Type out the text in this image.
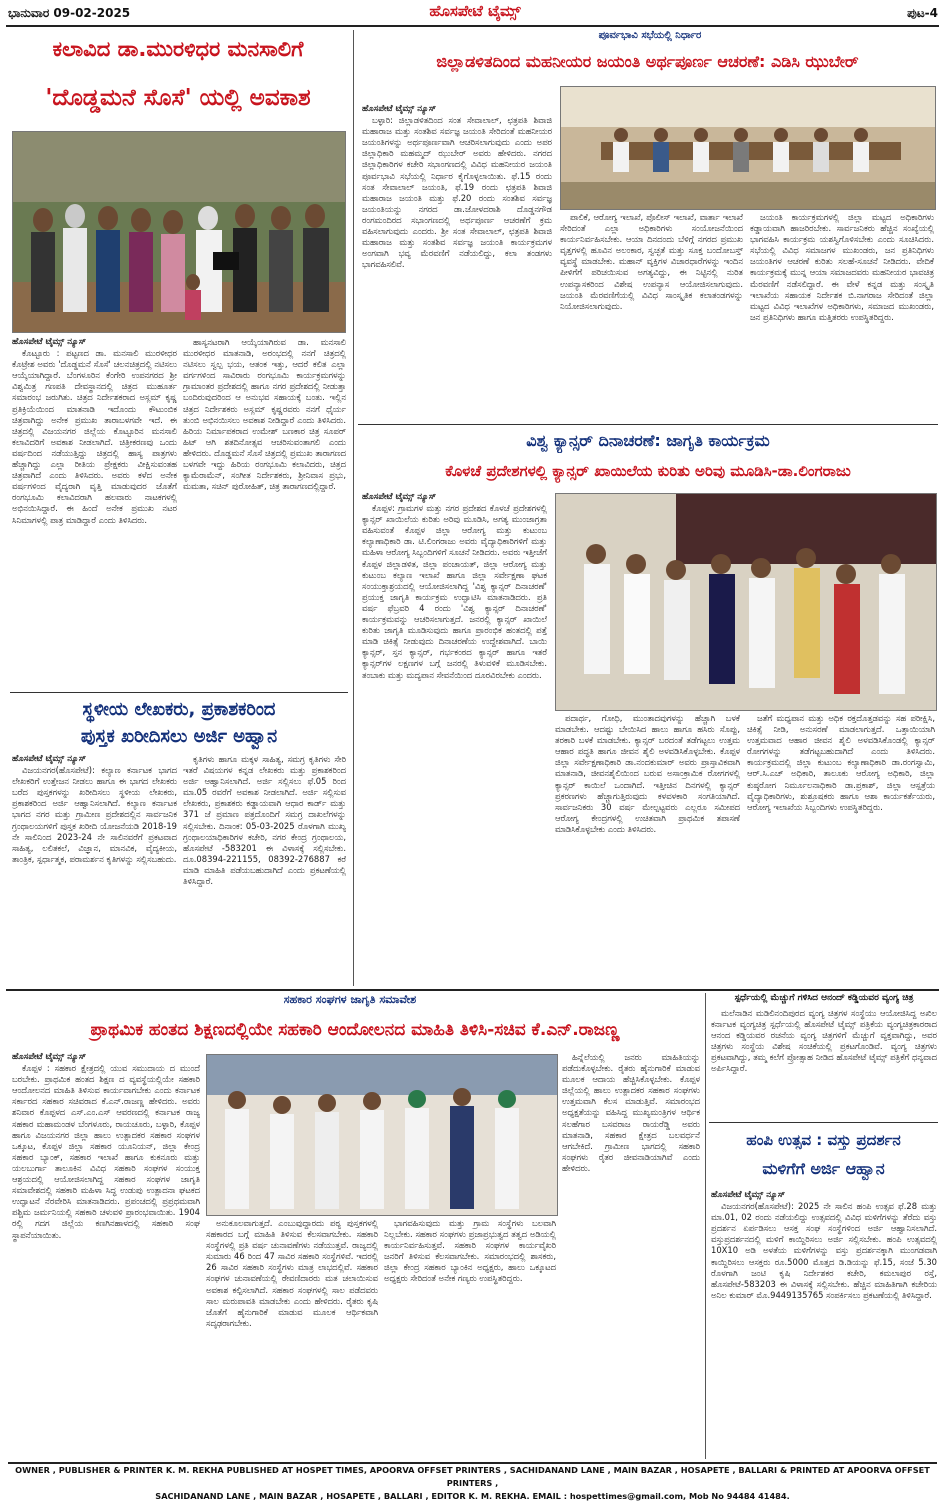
ಭಾನುವಾರ 09-02-2025	ಹೊಸಪೇಟೆ ಟೈಮ್ಸ್	ಪುಟ-4
ಕಲಾವಿದ ಡಾ.ಮುರಳಿಧರ ಮನಸಾಲಿಗೆ
'ದೊಡ್ಡಮನೆ ಸೊಸೆ' ಯಲ್ಲಿ ಅವಕಾಶ
ಹೊಸಪೇಟೆ ಟೈಮ್ಸ್ ನ್ಯೂಸ್

ಕೊಟ್ಟೂರು : ಪಟ್ಟಣದ ಡಾ. ಮನಸಾಲಿ ಮುರಳೀಧರ ಕೊಟ್ರೇಶ ಅವರು 'ದೊಡ್ಡಮನೆ ಸೊಸೆ' ಚಲನಚಿತ್ರದಲ್ಲಿ ನಟಿಸಲು ಆಯ್ಕೆಯಾಗಿದ್ದಾರೆ. ಬೆಂಗಳೂರಿನ ಕೆಂಗೇರಿ ಉಪನಗರದ ಶ್ರೀ ವಿಶ್ವಮಿತ್ರ ಗಣಪತಿ ದೇವಸ್ಥಾನದಲ್ಲಿ ಚಿತ್ರದ ಮುಹೂರ್ತ ಸಮಾರಂಭ ಜರುಗಿತು. ಚಿತ್ರದ ನಿರ್ದೇಶಕರಾದ ಅಸ್ಲಮ್ ಕೃಷ್ಣ ಪ್ರತಿಕ್ರಿಯೆಯಿಂದ ಮಾತನಾಡಿ ಇದೊಂದು ಕೌಟುಂಬಿಕ ಚಿತ್ರವಾಗಿದ್ದು ಅನೇಕ ಪ್ರಮುಖ ತಾರಾಬಳಗವೇ ಇದೆ. ಈ ಚಿತ್ರದಲ್ಲಿ ವಿಜಯನಗರ ಜಿಲ್ಲೆಯ ಕೊಟ್ಟೂರಿನ ಮನಸಾಲಿ ಕಲಾವಿದರಿಗೆ ಅವಕಾಶ ನೀಡಲಾಗಿದೆ. ಚಿತ್ರೀಕರಣವು ಒಂದು ವರ್ಷದಿಂದ ನಡೆಯುತ್ತಿದ್ದು ಚಿತ್ರದಲ್ಲಿ ಹಾಸ್ಯ ಪಾತ್ರಗಳು ಹೆಚ್ಚಾಗಿದ್ದು ಎಲ್ಲಾ ರೀತಿಯ ಪ್ರೇಕ್ಷಕರು ವೀಕ್ಷಿಸುವಂತಹ ಚಿತ್ರವಾಗಿದೆ ಎಂದು ತಿಳಿಸಿದರು. ಅವರು ಕಳೆದ ಅನೇಕ ವರ್ಷಗಳಿಂದ ವೈದ್ಯರಾಗಿ ವೃತ್ತಿ ಮಾಡುವುದರ ಜೊತೆಗೆ ರಂಗಭೂಮಿ ಕಲಾವಿದರಾಗಿ ಹಲವಾರು ನಾಟಕಗಳಲ್ಲಿ ಅಭಿನಯಿಸಿದ್ದಾರೆ. ಈ ಹಿಂದೆ ಅನೇಕ ಪ್ರಮುಖ ನಟರ ಸಿನಿಮಾಗಳಲ್ಲಿ ಪಾತ್ರ ಮಾಡಿದ್ದಾರೆ ಎಂದು ತಿಳಿಸಿದರು.

ಹಾಸ್ಯನಟರಾಗಿ ಆಯ್ಕೆಯಾಗಿರುವ ಡಾ. ಮನಸಾಲಿ ಮುರಳೀಧರ ಮಾತನಾಡಿ, ಅರಂಭದಲ್ಲಿ ನನಗೆ ಚಿತ್ರದಲ್ಲಿ ನಟಿಸಲು ಸ್ವಲ್ಪ ಭಯ, ಆತಂಕ ಇತ್ತು, ಆದರೆ ಕಲಿತ ಎಲ್ಲಾ ವರ್ಗಗಳಿಂದ ಸಾವಿರಾರು ರಂಗಭೂಮಿ ಕಾರ್ಯಕ್ರಮಗಳನ್ನು ಗ್ರಾಮಾಂತರ ಪ್ರದೇಶದಲ್ಲಿ ಹಾಗೂ ನಗರ ಪ್ರದೇಶದಲ್ಲಿ ನೀಡುತ್ತಾ ಬಂದಿರುವುದರಿಂದ ಆ ಅನುಭವ ಸಹಾಯಕ್ಕೆ ಬಂತು. ಇಲ್ಲಿನ ಚಿತ್ರದ ನಿರ್ದೇಶಕರು ಅಸ್ಲಮ್ ಕೃಷ್ಣರವರು ನನಗೆ ಧೈರ್ಯ ತುಂಬಿ ಅಭಿನಯಿಸಲು ಅವಕಾಶ ನೀಡಿದ್ದಾರೆ ಎಂದು ತಿಳಿಸಿದರು. ಹಿರಿಯ ನಿರ್ಮಾಪಕರಾದ ಉಮೇಶ್ ಬಣಕಾರ ಚಿತ್ರ ಸೂಪರ್ ಹಿಟ್ ಆಗಿ ಶತದಿನೋತ್ಸವ ಆಚರಿಸುವಂತಾಗಲಿ ಎಂದು ಹೇಳಿದರು. ದೊಡ್ಡಮನೆ ಸೊಸೆ ಚಿತ್ರದಲ್ಲಿ ಪ್ರಮುಖ ತಾರಾಗಣದ ಬಳಗವೇ ಇದ್ದು ಹಿರಿಯ ರಂಗಭೂಮಿ ಕಲಾವಿದರು, ಚಿತ್ರದ ಕ್ಯಾಮೆರಾಮೆನ್, ಸಂಗೀತ ನಿರ್ದೇಶಕರು, ಶ್ರೀನಿವಾಸ ಪ್ರಭು, ಮಮತಾ, ಸಚಿನ್ ಪುರೋಹಿತ್, ಚಿತ್ರ ತಾರಾಗಣದಲ್ಲಿದ್ದಾರೆ.

ಸ್ಥಳೀಯ ಲೇಖಕರು, ಪ್ರಕಾಶಕರಿಂದ
ಪುಸ್ತಕ ಖರೀದಿಸಲು ಅರ್ಜಿ ಅಹ್ವಾನ
ಹೊಸಪೇಟೆ ಟೈಮ್ಸ್ ನ್ಯೂಸ್

ವಿಜಯನಗರ(ಹೊಸಪೇಟೆ): ಕಲ್ಯಾಣ ಕರ್ನಾಟಕ ಭಾಗದ ಲೇಖಕರಿಗೆ ಉತ್ತೇಜನ ನೀಡಲು ಹಾಗೂ ಈ ಭಾಗದ ಲೇಖಕರು ಬರೆದ ಪುಸ್ತಕಗಳನ್ನು ಖರೀದಿಸಲು ಸ್ಥಳೀಯ ಲೇಖಕರು, ಪ್ರಕಾಶಕರಿಂದ ಅರ್ಜಿ ಆಹ್ವಾನಿಸಲಾಗಿದೆ. ಕಲ್ಯಾಣ ಕರ್ನಾಟಕ ಭಾಗದ ನಗರ ಮತ್ತು ಗ್ರಾಮೀಣ ಪ್ರದೇಶದಲ್ಲಿನ ಸಾರ್ವಜನಿಕ ಗ್ರಂಥಾಲಯಗಳಿಗೆ ಪುಸ್ತಕ ಖರೀದಿ ಯೋಜನೆಯಡಿ 2018-19 ನೇ ಸಾಲಿನಿಂದ 2023-24 ನೇ ಸಾಲಿನವರೆಗೆ ಪ್ರಕಟವಾದ ಸಾಹಿತ್ಯ, ಲಲಿತಕಲೆ, ವಿಜ್ಞಾನ, ಮಾನವಿಕ, ವೈದ್ಯಕೀಯ, ತಾಂತ್ರಿಕ, ಸ್ಪರ್ಧಾತ್ಮಕ, ಪರಾಮರ್ಶನ ಕೃತಿಗಳನ್ನು ಸಲ್ಲಿಸಬಹುದು.

ಕೃತಿಗಳು ಹಾಗೂ ಮಕ್ಕಳ ಸಾಹಿತ್ಯ, ಸಮಗ್ರ ಕೃತಿಗಳು ಸೇರಿ ಇತರೆ ವಿಷಯಗಳ ಕನ್ನಡ ಲೇಖಕರು ಮತ್ತು ಪ್ರಕಾಶಕರಿಂದ ಅರ್ಜಿ ಆಹ್ವಾನಿಸಲಾಗಿದೆ. ಅರ್ಜಿ ಸಲ್ಲಿಸಲು ಫೆ.05 ರಿಂದ ಮಾ.05 ರವರೆಗೆ ಅವಕಾಶ ನೀಡಲಾಗಿದೆ. ಅರ್ಜಿ ಸಲ್ಲಿಸುವ ಲೇಖಕರು, ಪ್ರಕಾಶಕರು ಕಡ್ಡಾಯವಾಗಿ ಆಧಾರ ಕಾರ್ಡ್ ಮತ್ತು 371 ಜೆ ಪ್ರಮಾಣ ಪತ್ರದೊಂದಿಗೆ ಸಮಗ್ರ ದಾಖಲೆಗಳನ್ನು ಸಲ್ಲಿಸಬೇಕು. ದಿನಾಂಕ: 05-03-2025 ರೊಳಗಾಗಿ ಮುಖ್ಯ ಗ್ರಂಥಾಲಯಾಧಿಕಾರಿಗಳ ಕಚೇರಿ, ನಗರ ಕೇಂದ್ರ ಗ್ರಂಥಾಲಯ, ಹೊಸಪೇಟೆ -583201 ಈ ವಿಳಾಸಕ್ಕೆ ಸಲ್ಲಿಸಬೇಕು. ದೂ.08394-221155, 08392-276887 ಕರೆ ಮಾಡಿ ಮಾಹಿತಿ ಪಡೆಯಬಹುದಾಗಿದೆ ಎಂದು ಪ್ರಕಟಣೆಯಲ್ಲಿ ತಿಳಿಸಿದ್ದಾರೆ.

ಪೂರ್ವಭಾವಿ ಸಭೆಯಲ್ಲಿ ನಿರ್ಧಾರ
ಜಿಲ್ಲಾಡಳಿತದಿಂದ ಮಹನೀಯರ ಜಯಂತಿ ಅರ್ಥಪೂರ್ಣ ಆಚರಣೆ: ಎಡಿಸಿ ಝುಬೇರ್
ಹೊಸಪೇಟೆ ಟೈಮ್ಸ್ ನ್ಯೂಸ್

ಬಳ್ಳಾರಿ: ಜಿಲ್ಲಾಡಳಿತದಿಂದ ಸಂತ ಸೇವಾಲಾಲ್, ಛತ್ರಪತಿ ಶಿವಾಜಿ ಮಹಾರಾಜ ಮತ್ತು ಸಂತಶಿವ ಸರ್ವಜ್ಞ ಜಯಂತಿ ಸೇರಿದಂತೆ ಮಹನೀಯರ ಜಯಂತಿಗಳನ್ನು ಅರ್ಥಪೂರ್ಣವಾಗಿ ಆಚರಿಸಲಾಗುವುದು ಎಂದು ಅಪರ ಜಿಲ್ಲಾಧಿಕಾರಿ ಮಹಮ್ಮದ್ ಝುಬೇರ್ ಅವರು ಹೇಳಿದರು. ನಗರದ ಜಿಲ್ಲಾಧಿಕಾರಿಗಳ ಕಚೇರಿ ಸಭಾಂಗಣದಲ್ಲಿ ವಿವಿಧ ಮಹನೀಯರ ಜಯಂತಿ ಪೂರ್ವಭಾವಿ ಸಭೆಯಲ್ಲಿ ನಿರ್ಧಾರ ಕೈಗೊಳ್ಳಲಾಯಿತು. ಫೆ.15 ರಂದು ಸಂತ ಸೇವಾಲಾಲ್ ಜಯಂತಿ, ಫೆ.19 ರಂದು ಛತ್ರಪತಿ ಶಿವಾಜಿ ಮಹಾರಾಜ ಜಯಂತಿ ಮತ್ತು ಫೆ.20 ರಂದು ಸಂತಶಿವ ಸರ್ವಜ್ಞ ಜಯಂತಿಯನ್ನು ನಗರದ ಡಾ.ಜೋಳದರಾಶಿ ದೊಡ್ಡನಗೌಡ ರಂಗಮಂದಿರದ ಸಭಾಂಗಣದಲ್ಲಿ ಅರ್ಥಪೂರ್ಣ ಆಚರಣೆಗೆ ಕ್ರಮ ವಹಿಸಲಾಗುವುದು ಎಂದರು. ಶ್ರೀ ಸಂತ ಸೇವಾಲಾಲ್, ಛತ್ರಪತಿ ಶಿವಾಜಿ ಮಹಾರಾಜ ಮತ್ತು ಸಂತಶಿವ ಸರ್ವಜ್ಞ ಜಯಂತಿ ಕಾರ್ಯಕ್ರಮಗಳ ಅಂಗವಾಗಿ ಭವ್ಯ ಮೆರವಣಿಗೆ ನಡೆಯಲಿದ್ದು, ಕಲಾ ತಂಡಗಳು ಭಾಗವಹಿಸಲಿವೆ.

ಪಾಲಿಕೆ, ಆರೋಗ್ಯ ಇಲಾಖೆ, ಪೊಲೀಸ್ ಇಲಾಖೆ, ವಾರ್ತಾ ಇಲಾಖೆ ಸೇರಿದಂತೆ ಎಲ್ಲಾ ಅಧಿಕಾರಿಗಳು ಸಂಯೋಜನೆಯಿಂದ ಕಾರ್ಯನಿರ್ವಹಿಸಬೇಕು. ಆಯಾ ದಿನದಂದು ಬೆಳಿಗ್ಗೆ ನಗರದ ಪ್ರಮುಖ ವೃತ್ತಗಳಲ್ಲಿ ಹೂವಿನ ಅಲಂಕಾರ, ಸ್ವಚ್ಛತೆ ಮತ್ತು ಸೂಕ್ತ ಬಂದೋಬಸ್ತ್ ವ್ಯವಸ್ಥೆ ಮಾಡಬೇಕು. ಮಹಾನ್ ವ್ಯಕ್ತಿಗಳ ವಿಚಾರಧಾರೆಗಳನ್ನು ಇಂದಿನ ಪೀಳಿಗೆಗೆ ಪರಿಚಯಿಸುವ ಅಗತ್ಯವಿದ್ದು, ಈ ನಿಟ್ಟಿನಲ್ಲಿ ನುರಿತ ಉಪನ್ಯಾಸಕರಿಂದ ವಿಶೇಷ ಉಪನ್ಯಾಸ ಆಯೋಜಿಸಲಾಗುವುದು. ಜಯಂತಿ ಮೆರವಣಿಗೆಯಲ್ಲಿ ವಿವಿಧ ಸಾಂಸ್ಕೃತಿಕ ಕಲಾತಂಡಗಳನ್ನು ನಿಯೋಜಿಸಲಾಗುವುದು.

ಜಯಂತಿ ಕಾರ್ಯಕ್ರಮಗಳಲ್ಲಿ ಜಿಲ್ಲಾ ಮಟ್ಟದ ಅಧಿಕಾರಿಗಳು ಕಡ್ಡಾಯವಾಗಿ ಹಾಜರಿರಬೇಕು. ಸಾರ್ವಜನಿಕರು ಹೆಚ್ಚಿನ ಸಂಖ್ಯೆಯಲ್ಲಿ ಭಾಗವಹಿಸಿ ಕಾರ್ಯಕ್ರಮ ಯಶಸ್ವಿಗೊಳಿಸಬೇಕು ಎಂದು ಸೂಚಿಸಿದರು. ಸಭೆಯಲ್ಲಿ ವಿವಿಧ ಸಮಾಜಗಳ ಮುಖಂಡರು, ಜನ ಪ್ರತಿನಿಧಿಗಳು ಜಯಂತಿಗಳ ಆಚರಣೆ ಕುರಿತು ಸಲಹೆ-ಸೂಚನೆ ನೀಡಿದರು. ವೇದಿಕೆ ಕಾರ್ಯಕ್ರಮಕ್ಕೆ ಮುನ್ನ ಆಯಾ ಸಮಾಜದವರು ಮಹನೀಯರ ಭಾವಚಿತ್ರ ಮೆರವಣಿಗೆ ನಡೆಸಲಿದ್ದಾರೆ. ಈ ವೇಳೆ ಕನ್ನಡ ಮತ್ತು ಸಂಸ್ಕೃತಿ ಇಲಾಖೆಯ ಸಹಾಯಕ ನಿರ್ದೇಶಕ ಬಿ.ನಾಗರಾಜ ಸೇರಿದಂತೆ ಜಿಲ್ಲಾ ಮಟ್ಟದ ವಿವಿಧ ಇಲಾಖೆಗಳ ಅಧಿಕಾರಿಗಳು, ಸಮಾಜದ ಮುಖಂಡರು, ಜನ ಪ್ರತಿನಿಧಿಗಳು ಹಾಗೂ ಮತ್ತಿತರರು ಉಪಸ್ಥಿತರಿದ್ದರು.

ವಿಶ್ವ ಕ್ಯಾನ್ಸರ್ ದಿನಾಚರಣೆ: ಜಾಗೃತಿ ಕಾರ್ಯಕ್ರಮ
ಕೊಳಚೆ ಪ್ರದೇಶಗಳಲ್ಲಿ ಕ್ಯಾನ್ಸರ್ ಖಾಯಿಲೆಯ ಕುರಿತು ಅರಿವು ಮೂಡಿಸಿ-ಡಾ.ಲಿಂಗರಾಜು
ಹೊಸಪೇಟೆ ಟೈಮ್ಸ್ ನ್ಯೂಸ್

ಕೊಪ್ಪಳ: ಗ್ರಾಮಗಳ ಮತ್ತು ನಗರ ಪ್ರದೇಶದ ಕೊಳಚೆ ಪ್ರದೇಶಗಳಲ್ಲಿ ಕ್ಯಾನ್ಸರ್ ಖಾಯಿಲೆಯ ಕುರಿತು ಅರಿವು ಮೂಡಿಸಿ, ಅಗತ್ಯ ಮುಂಜಾಗ್ರತಾ ವಹಿಸುವಂತೆ ಕೊಪ್ಪಳ ಜಿಲ್ಲಾ ಆರೋಗ್ಯ ಮತ್ತು ಕುಟುಂಬ ಕಲ್ಯಾಣಾಧಿಕಾರಿ ಡಾ. ಟಿ.ಲಿಂಗರಾಜು ಅವರು ವೈದ್ಯಾಧಿಕಾರಿಗಳಿಗೆ ಮತ್ತು ಮಹಿಳಾ ಆರೋಗ್ಯ ಸಿಬ್ಬಂದಿಗಳಿಗೆ ಸೂಚನೆ ನೀಡಿದರು. ಅವರು ಇತ್ತೀಚೆಗೆ ಕೊಪ್ಪಳ ಜಿಲ್ಲಾಡಳಿತ, ಜಿಲ್ಲಾ ಪಂಚಾಯತ್, ಜಿಲ್ಲಾ ಆರೋಗ್ಯ ಮತ್ತು ಕುಟುಂಬ ಕಲ್ಯಾಣ ಇಲಾಖೆ ಹಾಗೂ ಜಿಲ್ಲಾ ಸರ್ವೇಕ್ಷಣಾ ಘಟಕ ಸಂಯುಕ್ತಾಶ್ರಯದಲ್ಲಿ ಆಯೋಜಿಸಲಾಗಿದ್ದ 'ವಿಶ್ವ ಕ್ಯಾನ್ಸರ್ ದಿನಾಚರಣೆ' ಪ್ರಯುಕ್ತ ಜಾಗೃತಿ ಕಾರ್ಯಕ್ರಮ ಉದ್ಘಾಟಿಸಿ ಮಾತನಾಡಿದರು. ಪ್ರತಿ ವರ್ಷ ಫೆಬ್ರವರಿ 4 ರಂದು 'ವಿಶ್ವ ಕ್ಯಾನ್ಸರ್ ದಿನಾಚರಣೆ' ಕಾರ್ಯಕ್ರಮವನ್ನು ಆಚರಿಸಲಾಗುತ್ತದೆ. ಜನರಲ್ಲಿ ಕ್ಯಾನ್ಸರ್ ಖಾಯಿಲೆ ಕುರಿತು ಜಾಗೃತಿ ಮೂಡಿಸುವುದು ಹಾಗೂ ಪ್ರಾರಂಭಿಕ ಹಂತದಲ್ಲಿ ಪತ್ತೆ ಮಾಡಿ ಚಿಕಿತ್ಸೆ ನೀಡುವುದು ದಿನಾಚರಣೆಯ ಉದ್ದೇಶವಾಗಿದೆ. ಬಾಯಿ ಕ್ಯಾನ್ಸರ್, ಸ್ತನ ಕ್ಯಾನ್ಸರ್, ಗರ್ಭಕಂಠದ ಕ್ಯಾನ್ಸರ್ ಹಾಗೂ ಇತರೆ ಕ್ಯಾನ್ಸರ್‌ಗಳ ಲಕ್ಷಣಗಳ ಬಗ್ಗೆ ಜನರಲ್ಲಿ ತಿಳುವಳಿಕೆ ಮೂಡಿಸಬೇಕು. ತಂಬಾಕು ಮತ್ತು ಮದ್ಯಪಾನ ಸೇವನೆಯಿಂದ ದೂರವಿರಬೇಕು ಎಂದರು.

ಪದಾರ್ಥ, ಗೋಧಿ, ಮುಂತಾದವುಗಳನ್ನು ಹೆಚ್ಚಾಗಿ ಬಳಕೆ ಮಾಡಬೇಕು. ಆದಷ್ಟು ಬೇಯಿಸಿದ ಹಾಲು ಹಾಗೂ ಹಸಿರು ಸೊಪ್ಪು, ತರಕಾರಿ ಬಳಕೆ ಮಾಡಬೇಕು. ಕ್ಯಾನ್ಸರ್ ಬರದಂತೆ ತಡೆಗಟ್ಟಲು ಉತ್ತಮ ಆಹಾರ ಪದ್ಧತಿ ಹಾಗೂ ಜೀವನ ಶೈಲಿ ಅಳವಡಿಸಿಕೊಳ್ಳಬೇಕು. ಕೊಪ್ಪಳ ಜಿಲ್ಲಾ ಸರ್ವೇಕ್ಷಣಾಧಿಕಾರಿ ಡಾ.ನಂದಕುಮಾರ್ ಅವರು ಪ್ರಾಸ್ತಾವಿಕವಾಗಿ ಮಾತನಾಡಿ, ಜೀವನಶೈಲಿಯಿಂದ ಬರುವ ಅಸಾಂಕ್ರಾಮಿಕ ರೋಗಗಳಲ್ಲಿ ಕ್ಯಾನ್ಸರ್ ಕಾಯಿಲೆ ಒಂದಾಗಿದೆ. ಇತ್ತೀಚಿನ ದಿನಗಳಲ್ಲಿ ಕ್ಯಾನ್ಸರ್ ಪ್ರಕರಣಗಳು ಹೆಚ್ಚಾಗುತ್ತಿರುವುದು ಕಳವಳಕಾರಿ ಸಂಗತಿಯಾಗಿದೆ. ಸಾರ್ವಜನಿಕರು 30 ವರ್ಷ ಮೇಲ್ಪಟ್ಟವರು ಎಲ್ಲರೂ ಸಮೀಪದ ಆರೋಗ್ಯ ಕೇಂದ್ರಗಳಲ್ಲಿ ಉಚಿತವಾಗಿ ಪ್ರಾಥಮಿಕ ತಪಾಸಣೆ ಮಾಡಿಸಿಕೊಳ್ಳಬೇಕು ಎಂದು ತಿಳಿಸಿದರು.

ಜತೆಗೆ ಮಧ್ಯಪಾನ ಮತ್ತು ಅಧಿಕ ರಕ್ತದೊತ್ತಡವನ್ನು ಸಹ ಪರೀಕ್ಷಿಸಿ, ಚಿಕಿತ್ಸೆ ನೀಡಿ, ಅನುಸರಣೆ ಮಾಡಲಾಗುತ್ತದೆ. ಒತ್ತಾಯಿಯಾಗಿ ಉತ್ತಮವಾದ ಆಹಾರ ಜೀವನ ಶೈಲಿ ಅಳವಡಿಸಿಕೊಂಡಲ್ಲಿ ಕ್ಯಾನ್ಸರ್ ರೋಗಗಳನ್ನು ತಡೆಗಟ್ಟಬಹುದಾಗಿದೆ ಎಂದು ತಿಳಿಸಿದರು. ಕಾರ್ಯಕ್ರಮದಲ್ಲಿ ಜಿಲ್ಲಾ ಕುಟುಂಬ ಕಲ್ಯಾಣಾಧಿಕಾರಿ ಡಾ.ರಂಗಸ್ವಾಮಿ, ಆರ್.ಸಿ.ಎಚ್ ಅಧಿಕಾರಿ, ತಾಲೂಕು ಆರೋಗ್ಯ ಅಧಿಕಾರಿ, ಜಿಲ್ಲಾ ಕುಷ್ಠರೋಗ ನಿರ್ಮೂಲನಾಧಿಕಾರಿ ಡಾ.ಪ್ರಕಾಶ್, ಜಿಲ್ಲಾ ಆಸ್ಪತ್ರೆಯ ವೈದ್ಯಾಧಿಕಾರಿಗಳು, ಶುಶ್ರೂಷಕರು ಹಾಗೂ ಆಶಾ ಕಾರ್ಯಕರ್ತೆಯರು, ಆರೋಗ್ಯ ಇಲಾಖೆಯ ಸಿಬ್ಬಂದಿಗಳು ಉಪಸ್ಥಿತರಿದ್ದರು.

ಸಹಕಾರ ಸಂಘಗಳ ಜಾಗೃತಿ ಸಮಾವೇಶ
ಪ್ರಾಥಮಿಕ ಹಂತದ ಶಿಕ್ಷಣದಲ್ಲಿಯೇ ಸಹಕಾರಿ ಆಂದೋಲನದ ಮಾಹಿತಿ ತಿಳಿಸಿ-ಸಚಿವ ಕೆ.ಎನ್.ರಾಜಣ್ಣ
ಹೊಸಪೇಟೆ ಟೈಮ್ಸ್ ನ್ಯೂಸ್

ಕೊಪ್ಪಳ : ಸಹಕಾರ ಕ್ಷೇತ್ರದಲ್ಲಿ ಯುವ ಸಮುದಾಯ ದ ಮುಂದೆ ಬರಬೇಕು. ಪ್ರಾಥಮಿಕ ಹಂತದ ಶಿಕ್ಷಣ ದ ವ್ಯವಸ್ಥೆಯಲ್ಲಿಯೇ ಸಹಕಾರಿ ಆಂದೋಲನದ ಮಾಹಿತಿ ತಿಳಿಸುವ ಕಾರ್ಯವಾಗಬೇಕು ಎಂದು ಕರ್ನಾಟಕ ಸರ್ಕಾರದ ಸಹಕಾರ ಸಚಿವರಾದ ಕೆ.ಎನ್.ರಾಜಣ್ಣ ಹೇಳಿದರು. ಅವರು ಶನಿವಾರ ಕೊಪ್ಪಳದ ಎಸ್.ಎಂ.ಎಸ್ ಆವರಣದಲ್ಲಿ ಕರ್ನಾಟಕ ರಾಜ್ಯ ಸಹಕಾರ ಮಹಾಮಂಡಳ ಬೆಂಗಳೂರು, ರಾಯಚೂರು, ಬಳ್ಳಾರಿ, ಕೊಪ್ಪಳ ಹಾಗೂ ವಿಜಯನಗರ ಜಿಲ್ಲಾ ಹಾಲು ಉತ್ಪಾದಕರ ಸಹಕಾರ ಸಂಘಗಳ ಒಕ್ಕೂಟ, ಕೊಪ್ಪಳ ಜಿಲ್ಲಾ ಸಹಕಾರ ಯೂನಿಯನ್, ಜಿಲ್ಲಾ ಕೇಂದ್ರ ಸಹಕಾರ ಬ್ಯಾಂಕ್, ಸಹಕಾರ ಇಲಾಖೆ ಹಾಗೂ ಕುಕನೂರು ಮತ್ತು ಯಲಬುರ್ಗಾ ತಾಲೂಕಿನ ವಿವಿಧ ಸಹಕಾರಿ ಸಂಘಗಳ ಸಂಯುಕ್ತ ಆಶ್ರಯದಲ್ಲಿ ಆಯೋಜಿಸಲಾಗಿದ್ದ ಸಹಕಾರ ಸಂಘಗಳ ಜಾಗೃತಿ ಸಮಾವೇಶದಲ್ಲಿ ಸಹಕಾರಿ ಮಹಿಳಾ ಸಿದ್ಧ ಉಡುಪು ಉತ್ಪಾದನಾ ಘಟಕದ ಉದ್ಘಾಟನೆ ನೆರವೇರಿಸಿ ಮಾತನಾಡಿದರು. ಪ್ರಪಂಚದಲ್ಲಿ ಪ್ರಪ್ರಥಮವಾಗಿ ಪಶ್ಚಿಮ ಜರ್ಮನಿಯಲ್ಲಿ ಸಹಕಾರಿ ಚಳುವಳಿ ಪ್ರಾರಂಭವಾಯಿತು. 1904 ರಲ್ಲಿ ಗದಗ ಜಿಲ್ಲೆಯ ಕಣಗಿನಹಾಳದಲ್ಲಿ ಸಹಕಾರಿ ಸಂಘ ಸ್ಥಾಪನೆಯಾಯಿತು.

ಅನುಕೂಲವಾಗುತ್ತದೆ. ಎಂಬುವುದ್ದಾರದು ಪಠ್ಯ ಪುಸ್ತಕಗಳಲ್ಲಿ ಸಹಕಾರದ ಬಗ್ಗೆ ಮಾಹಿತಿ ತಿಳಿಸುವ ಕೆಲಸವಾಗಬೇಕು. ಸಹಕಾರಿ ಸಂಸ್ಥೆಗಳಲ್ಲಿ ಪ್ರತಿ ವರ್ಷ ಚುನಾವಣೆಗಳು ನಡೆಯುತ್ತವೆ. ರಾಜ್ಯದಲ್ಲಿ ಸುಮಾರು 46 ರಿಂದ 47 ಸಾವಿರ ಸಹಕಾರಿ ಸಂಸ್ಥೆಗಳಿವೆ. ಇದರಲ್ಲಿ 26 ಸಾವಿರ ಸಹಕಾರಿ ಸಂಸ್ಥೆಗಳು ಮಾತ್ರ ಲಾಭದಲ್ಲಿವೆ. ಸಹಕಾರ ಸಂಘಗಳ ಚುನಾವಣೆಯಲ್ಲಿ ಠೇವಣಿದಾರರು ಮತ ಚಲಾಯಿಸುವ ಅವಕಾಶ ಕಲ್ಪಿಸಲಾಗಿದೆ. ಸಹಕಾರ ಸಂಘಗಳಲ್ಲಿ ಸಾಲ ಪಡೆದವರು ಸಾಲ ಮರುಪಾವತಿ ಮಾಡಬೇಕು ಎಂದು ಹೇಳಿದರು. ರೈತರು ಕೃಷಿ ಜೊತೆಗೆ ಹೈನುಗಾರಿಕೆ ಮಾಡುವ ಮೂಲಕ ಆರ್ಥಿಕವಾಗಿ ಸದೃಢರಾಗಬೇಕು.

ಭಾಗವಹಿಸುವುದು ಮತ್ತು ಗ್ರಾಮ ಸಂಸ್ಥೆಗಳು ಬಲವಾಗಿ ನಿಲ್ಲಬೇಕು. ಸಹಕಾರ ಸಂಘಗಳು ಪ್ರಜಾಪ್ರಭುತ್ವದ ತತ್ವದ ಅಡಿಯಲ್ಲಿ ಕಾರ್ಯನಿರ್ವಹಿಸುತ್ತವೆ. ಸಹಕಾರಿ ಸಂಘಗಳ ಕಾರ್ಯವೈಖರಿ ಜನರಿಗೆ ತಿಳಿಸುವ ಕೆಲಸವಾಗಬೇಕು. ಸಮಾರಂಭದಲ್ಲಿ ಶಾಸಕರು, ಜಿಲ್ಲಾ ಕೇಂದ್ರ ಸಹಕಾರ ಬ್ಯಾಂಕಿನ ಅಧ್ಯಕ್ಷರು, ಹಾಲು ಒಕ್ಕೂಟದ ಅಧ್ಯಕ್ಷರು ಸೇರಿದಂತೆ ಅನೇಕ ಗಣ್ಯರು ಉಪಸ್ಥಿತರಿದ್ದರು.

ಹಿನ್ನೆಲೆಯಲ್ಲಿ ಜನರು ಮಾಹಿತಿಯನ್ನು ಪಡೆದುಕೊಳ್ಳಬೇಕು. ರೈತರು ಹೈನುಗಾರಿಕೆ ಮಾಡುವ ಮೂಲಕ ಆದಾಯ ಹೆಚ್ಚಿಸಿಕೊಳ್ಳಬೇಕು. ಕೊಪ್ಪಳ ಜಿಲ್ಲೆಯಲ್ಲಿ ಹಾಲು ಉತ್ಪಾದಕರ ಸಹಕಾರ ಸಂಘಗಳು ಉತ್ತಮವಾಗಿ ಕೆಲಸ ಮಾಡುತ್ತಿವೆ. ಸಮಾರಂಭದ ಅಧ್ಯಕ್ಷತೆಯನ್ನು ವಹಿಸಿದ್ದ ಮುಖ್ಯಮಂತ್ರಿಗಳ ಆರ್ಥಿಕ ಸಲಹೆಗಾರ ಬಸವರಾಜ ರಾಯರೆಡ್ಡಿ ಅವರು ಮಾತನಾಡಿ, ಸಹಕಾರ ಕ್ಷೇತ್ರದ ಬಲವರ್ಧನೆ ಆಗಬೇಕಿದೆ. ಗ್ರಾಮೀಣ ಭಾಗದಲ್ಲಿ ಸಹಕಾರಿ ಸಂಘಗಳು ರೈತರ ಜೀವನಾಡಿಯಾಗಿವೆ ಎಂದು ಹೇಳಿದರು.

ಸ್ಪರ್ಧೆಯಲ್ಲಿ ಮೆಚ್ಚುಗೆ ಗಳಿಸಿದ ಆನಂದ್ ಕಡ್ಡಿಯವರ ವ್ಯಂಗ್ಯ ಚಿತ್ರ

ಮಲೆನಾಡಿನ ಮಡಿಲಿನಂದಿಪುರದ ವ್ಯಂಗ್ಯ ಚಿತ್ರಗಳ ಸಂಸ್ಥೆಯು ಆಯೋಜಿಸಿದ್ದ ಅಖಿಲ ಕರ್ನಾಟಕ ವ್ಯಂಗ್ಯಚಿತ್ರ ಸ್ಪರ್ಧೆಯಲ್ಲಿ ಹೊಸಪೇಟೆ ಟೈಮ್ಸ್ ಪತ್ರಿಕೆಯ ವ್ಯಂಗ್ಯಚಿತ್ರಕಾರರಾದ ಆನಂದ ಕಡ್ಡಿಯವರ ರಚನೆಯ ವ್ಯಂಗ್ಯ ಚಿತ್ರಗಳಿಗೆ ಮೆಚ್ಚುಗೆ ವ್ಯಕ್ತವಾಗಿದ್ದು, ಅವರ ಚಿತ್ರಗಳು ಸಂಸ್ಥೆಯ ವಿಶೇಷ ಸಂಚಿಕೆಯಲ್ಲಿ ಪ್ರಕಟಗೊಂಡಿವೆ. ವ್ಯಂಗ್ಯ ಚಿತ್ರಗಳು ಪ್ರಕಟವಾಗಿದ್ದು, ತಮ್ಮ ಕಲೆಗೆ ಪ್ರೋತ್ಸಾಹ ನೀಡಿದ ಹೊಸಪೇಟೆ ಟೈಮ್ಸ್ ಪತ್ರಿಕೆಗೆ ಧನ್ಯವಾದ ಅರ್ಪಿಸಿದ್ದಾರೆ.

ಹಂಪಿ ಉತ್ಸವ : ವಸ್ತು ಪ್ರದರ್ಶನ
ಮಳಿಗೆಗೆ ಅರ್ಜಿ ಆಹ್ವಾನ
ಹೊಸಪೇಟೆ ಟೈಮ್ಸ್ ನ್ಯೂಸ್

ವಿಜಯನಗರ(ಹೊಸಪೇಟೆ): 2025 ನೇ ಸಾಲಿನ ಹಂಪಿ ಉತ್ಸವ ಫೆ.28 ಮತ್ತು ಮಾ.01, 02 ರಂದು ನಡೆಯಲಿದ್ದು ಉತ್ಸವದಲ್ಲಿ ವಿವಿಧ ಮಳಿಗೆಗಳನ್ನು ತೆರೆದು ವಸ್ತು ಪ್ರದರ್ಶನ ಏರ್ಪಡಿಸಲು ಆಸಕ್ತ ಸಂಘ ಸಂಸ್ಥೆಗಳಿಂದ ಅರ್ಜಿ ಆಹ್ವಾನಿಸಲಾಗಿದೆ. ವಸ್ತುಪ್ರದರ್ಶನದಲ್ಲಿ ಮಳಿಗೆ ಕಾಯ್ದಿರಿಸಲು ಅರ್ಜಿ ಸಲ್ಲಿಸಬೇಕು. ಹಂಪಿ ಉತ್ಸವದಲ್ಲಿ 10X10 ಅಡಿ ಅಳತೆಯ ಮಳಿಗೆಗಳನ್ನು ವಸ್ತು ಪ್ರದರ್ಶನಕ್ಕಾಗಿ ಮುಂಗಡವಾಗಿ ಕಾಯ್ದಿರಿಸಲು ಆಸಕ್ತರು ರೂ.5000 ಮೊತ್ತದ ಡಿ.ಡಿಯನ್ನು ಫೆ.15, ಸಂಜೆ 5.30 ರೊಳಗಾಗಿ ಜಂಟಿ ಕೃಷಿ ನಿರ್ದೇಶಕರ ಕಚೇರಿ, ಕಮಲಾಪುರ ರಸ್ತೆ, ಹೊಸಪೇಟೆ-583203 ಈ ವಿಳಾಸಕ್ಕೆ ಸಲ್ಲಿಸಬೇಕು. ಹೆಚ್ಚಿನ ಮಾಹಿತಿಗಾಗಿ ಕಚೇರಿಯ ಅನಿಲ ಕುಮಾರ್ ಮೊ.9449135765 ಸಂಪರ್ಕಿಸಲು ಪ್ರಕಟಣೆಯಲ್ಲಿ ತಿಳಿಸಿದ್ದಾರೆ.

OWNER , PUBLISHER & PRINTER K. M. REKHA PUBLISHED AT HOSPET TIMES, APOORVA OFFSET PRINTERS , SACHIDANAND LANE , MAIN BAZAR , HOSAPETE , BALLARI & PRINTED AT APOORVA OFFSET PRINTERS ,
SACHIDANAND LANE , MAIN BAZAR , HOSAPETE , BALLARI , EDITOR K. M. REKHA. EMAIL : hospettimes@gmail.com, Mob No 94484 41484.
